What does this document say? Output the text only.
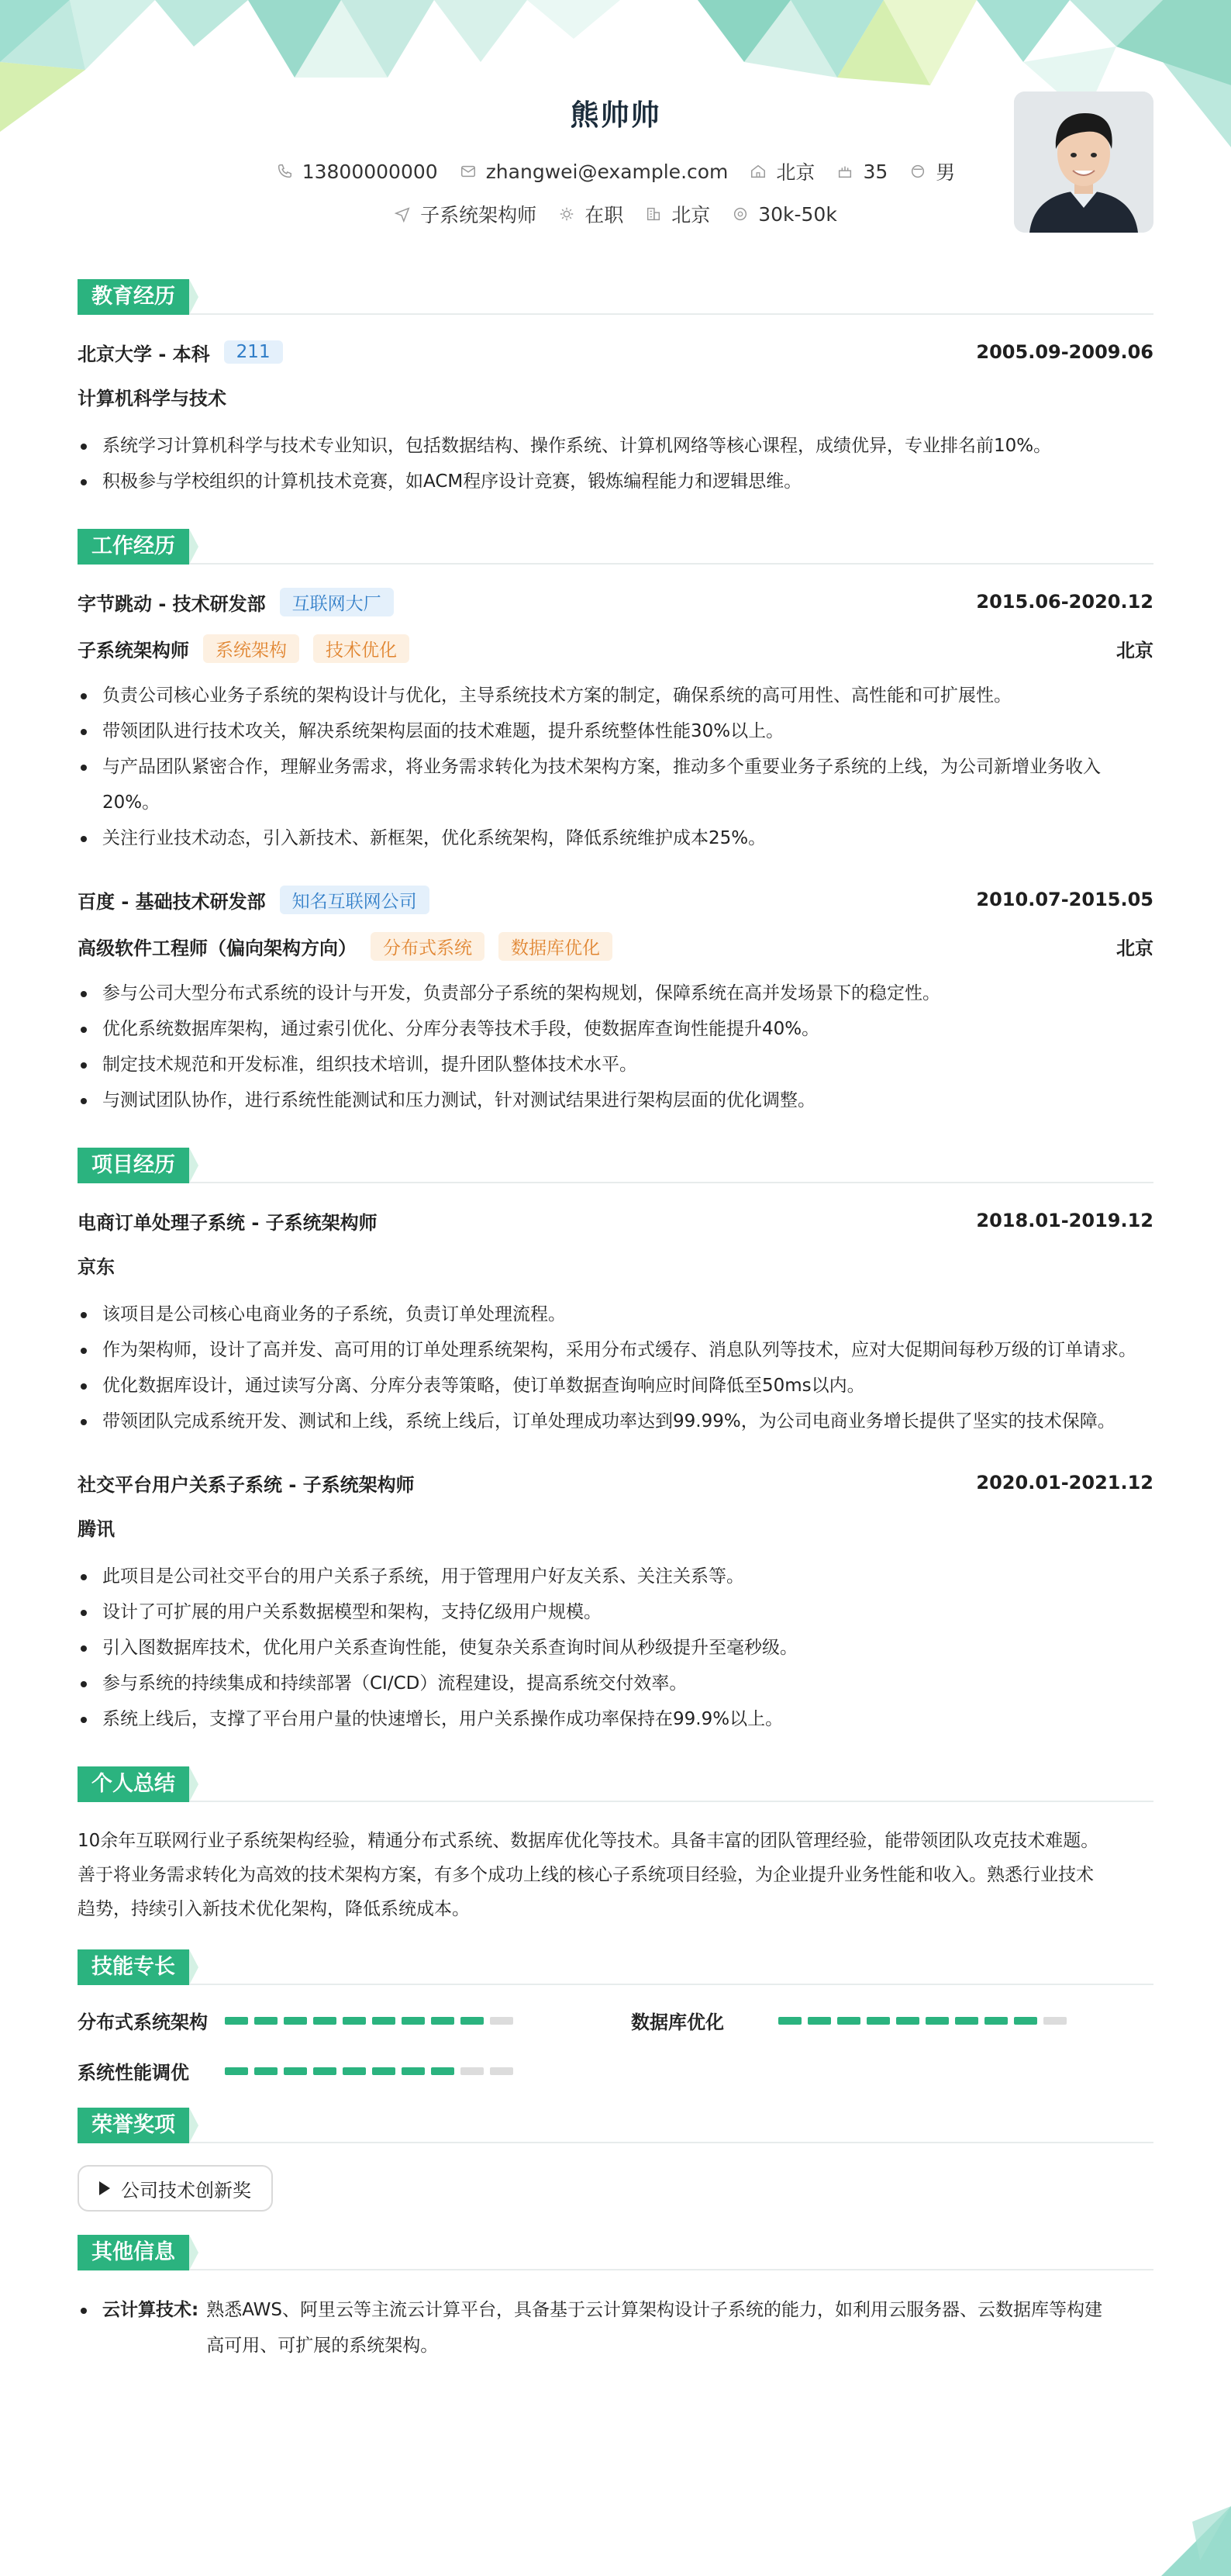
熊帅帅
13800000000 zhangwei@example.com 北京 35 男
子系统架构师 在职 北京 30k-50k
教育经历
北京大学 - 本科	211	2005.09-2009.06
计算机科学与技术
系统学习计算机科学与技术专业知识，包括数据结构、操作系统、计算机网络等核心课程，成绩优异，专业排名前10%。
积极参与学校组织的计算机技术竞赛，如ACM程序设计竞赛，锻炼编程能力和逻辑思维。
工作经历
字节跳动 - 技术研发部	互联网大厂	2015.06-2020.12
子系统架构师	系统架构	技术优化	北京
负责公司核心业务子系统的架构设计与优化，主导系统技术方案的制定，确保系统的高可用性、高性能和可扩展性。
带领团队进行技术攻关，解决系统架构层面的技术难题，提升系统整体性能30%以上。
与产品团队紧密合作，理解业务需求，将业务需求转化为技术架构方案，推动多个重要业务子系统的上线，为公司新增业务收入20%。
关注行业技术动态，引入新技术、新框架，优化系统架构，降低系统维护成本25%。
百度 - 基础技术研发部	知名互联网公司	2010.07-2015.05
高级软件工程师（偏向架构方向）	分布式系统	数据库优化	北京
参与公司大型分布式系统的设计与开发，负责部分子系统的架构规划，保障系统在高并发场景下的稳定性。
优化系统数据库架构，通过索引优化、分库分表等技术手段，使数据库查询性能提升40%。
制定技术规范和开发标准，组织技术培训，提升团队整体技术水平。
与测试团队协作，进行系统性能测试和压力测试，针对测试结果进行架构层面的优化调整。
项目经历
电商订单处理子系统 - 子系统架构师	2018.01-2019.12
京东
该项目是公司核心电商业务的子系统，负责订单处理流程。
作为架构师，设计了高并发、高可用的订单处理系统架构，采用分布式缓存、消息队列等技术，应对大促期间每秒万级的订单请求。
优化数据库设计，通过读写分离、分库分表等策略，使订单数据查询响应时间降低至50ms以内。
带领团队完成系统开发、测试和上线，系统上线后，订单处理成功率达到99.99%，为公司电商业务增长提供了坚实的技术保障。
社交平台用户关系子系统 - 子系统架构师	2020.01-2021.12
腾讯
此项目是公司社交平台的用户关系子系统，用于管理用户好友关系、关注关系等。
设计了可扩展的用户关系数据模型和架构，支持亿级用户规模。
引入图数据库技术，优化用户关系查询性能，使复杂关系查询时间从秒级提升至毫秒级。
参与系统的持续集成和持续部署（CI/CD）流程建设，提高系统交付效率。
系统上线后，支撑了平台用户量的快速增长，用户关系操作成功率保持在99.9%以上。
个人总结
10余年互联网行业子系统架构经验，精通分布式系统、数据库优化等技术。具备丰富的团队管理经验，能带领团队攻克技术难题。
善于将业务需求转化为高效的技术架构方案，有多个成功上线的核心子系统项目经验，为企业提升业务性能和收入。熟悉行业技术
趋势，持续引入新技术优化架构，降低系统成本。
技能专长
分布式系统架构	数据库优化
系统性能调优
荣誉奖项
公司技术创新奖
其他信息
云计算技术: 熟悉AWS、阿里云等主流云计算平台，具备基于云计算架构设计子系统的能力，如利用云服务器、云数据库等构建
高可用、可扩展的系统架构。
